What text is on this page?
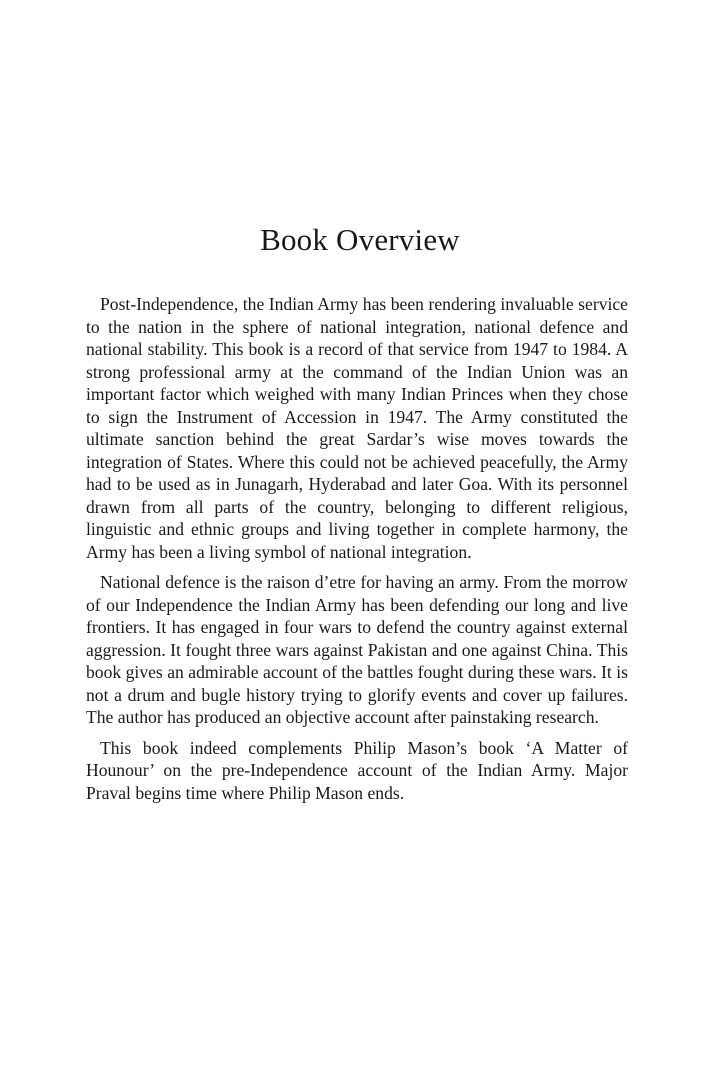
Book Overview

Post-Independence, the Indian Army has been rendering invaluable service to the nation in the sphere of national integration, national defence and national stability. This book is a record of that service from 1947 to 1984. A strong professional army at the command of the Indian Union was an important factor which weighed with many Indian Princes when they chose to sign the Instrument of Accession in 1947. The Army constituted the ultimate sanction behind the great Sardar’s wise moves towards the integration of States. Where this could not be achieved peacefully, the Army had to be used as in Junagarh, Hyderabad and later Goa. With its personnel drawn from all parts of the country, belonging to different religious, linguistic and ethnic groups and living together in complete harmony, the Army has been a living symbol of national integration.

National defence is the raison d’etre for having an army. From the morrow of our Independence the Indian Army has been defending our long and live frontiers. It has engaged in four wars to defend the country against external aggression. It fought three wars against Pakistan and one against China. This book gives an admirable account of the battles fought during these wars. It is not a drum and bugle history trying to glorify events and cover up failures. The author has produced an objective account after painstaking research.

This book indeed complements Philip Mason’s book ‘A Matter of Hounour’ on the pre-Independence account of the Indian Army. Major Praval begins time where Philip Mason ends.
